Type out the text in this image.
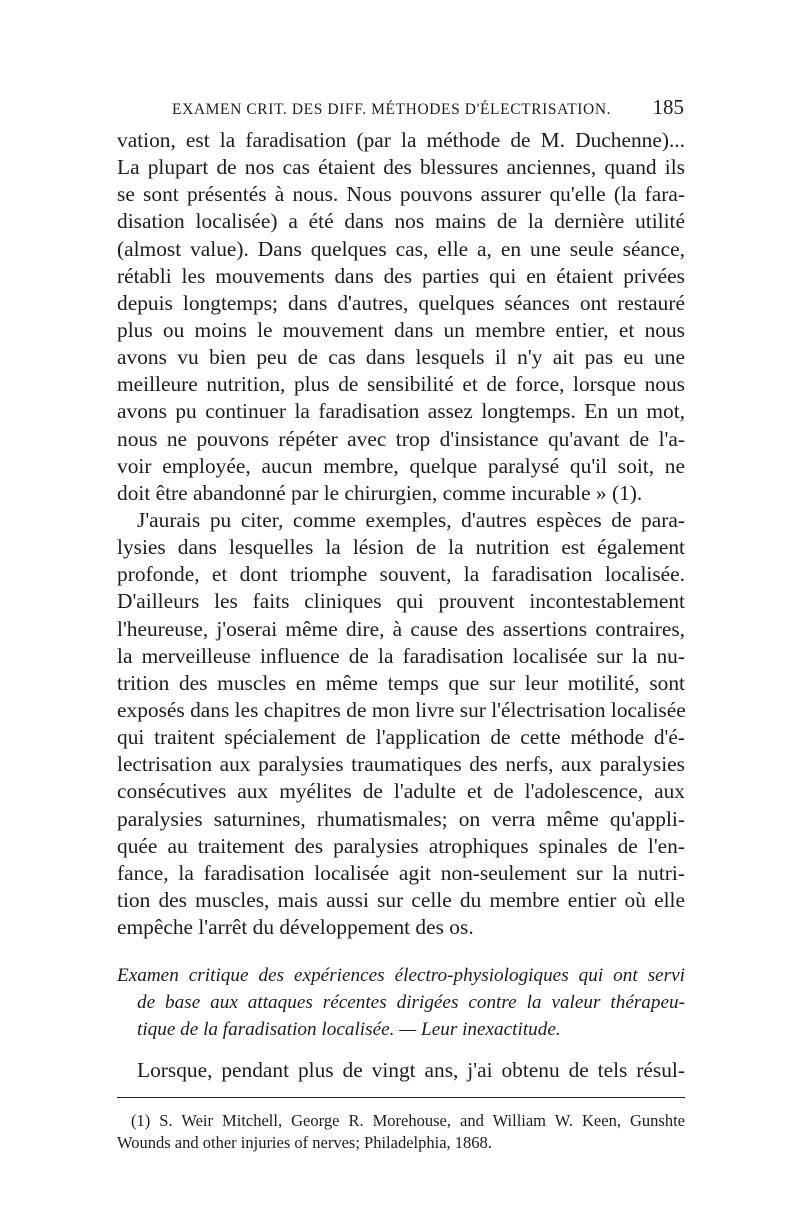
EXAMEN CRIT. DES DIFF. MÉTHODES D'ÉLECTRISATION. 185
vation, est la faradisation (par la méthode de M. Duchenne)...
La plupart de nos cas étaient des blessures anciennes, quand ils
se sont présentés à nous. Nous pouvons assurer qu'elle (la fara-
disation localisée) a été dans nos mains de la dernière utilité
(almost value). Dans quelques cas, elle a, en une seule séance,
rétabli les mouvements dans des parties qui en étaient privées
depuis longtemps; dans d'autres, quelques séances ont restauré
plus ou moins le mouvement dans un membre entier, et nous
avons vu bien peu de cas dans lesquels il n'y ait pas eu une
meilleure nutrition, plus de sensibilité et de force, lorsque nous
avons pu continuer la faradisation assez longtemps. En un mot,
nous ne pouvons répéter avec trop d'insistance qu'avant de l'a-
voir employée, aucun membre, quelque paralysé qu'il soit, ne
doit être abandonné par le chirurgien, comme incurable » (1).
J'aurais pu citer, comme exemples, d'autres espèces de para-
lysies dans lesquelles la lésion de la nutrition est également
profonde, et dont triomphe souvent, la faradisation localisée.
D'ailleurs les faits cliniques qui prouvent incontestablement
l'heureuse, j'oserai même dire, à cause des assertions contraires,
la merveilleuse influence de la faradisation localisée sur la nu-
trition des muscles en même temps que sur leur motilité, sont
exposés dans les chapitres de mon livre sur l'électrisation localisée
qui traitent spécialement de l'application de cette méthode d'é-
lectrisation aux paralysies traumatiques des nerfs, aux paralysies
consécutives aux myélites de l'adulte et de l'adolescence, aux
paralysies saturnines, rhumatismales; on verra même qu'appli-
quée au traitement des paralysies atrophiques spinales de l'en-
fance, la faradisation localisée agit non-seulement sur la nutri-
tion des muscles, mais aussi sur celle du membre entier où elle
empêche l'arrêt du développement des os.
Examen critique des expériences électro-physiologiques qui ont servi
de base aux attaques récentes dirigées contre la valeur thérapeu-
tique de la faradisation localisée. — Leur inexactitude.
Lorsque, pendant plus de vingt ans, j'ai obtenu de tels résul-
(1) S. Weir Mitchell, George R. Morehouse, and William W. Keen, Gunshte
Wounds and other injuries of nerves; Philadelphia, 1868.
